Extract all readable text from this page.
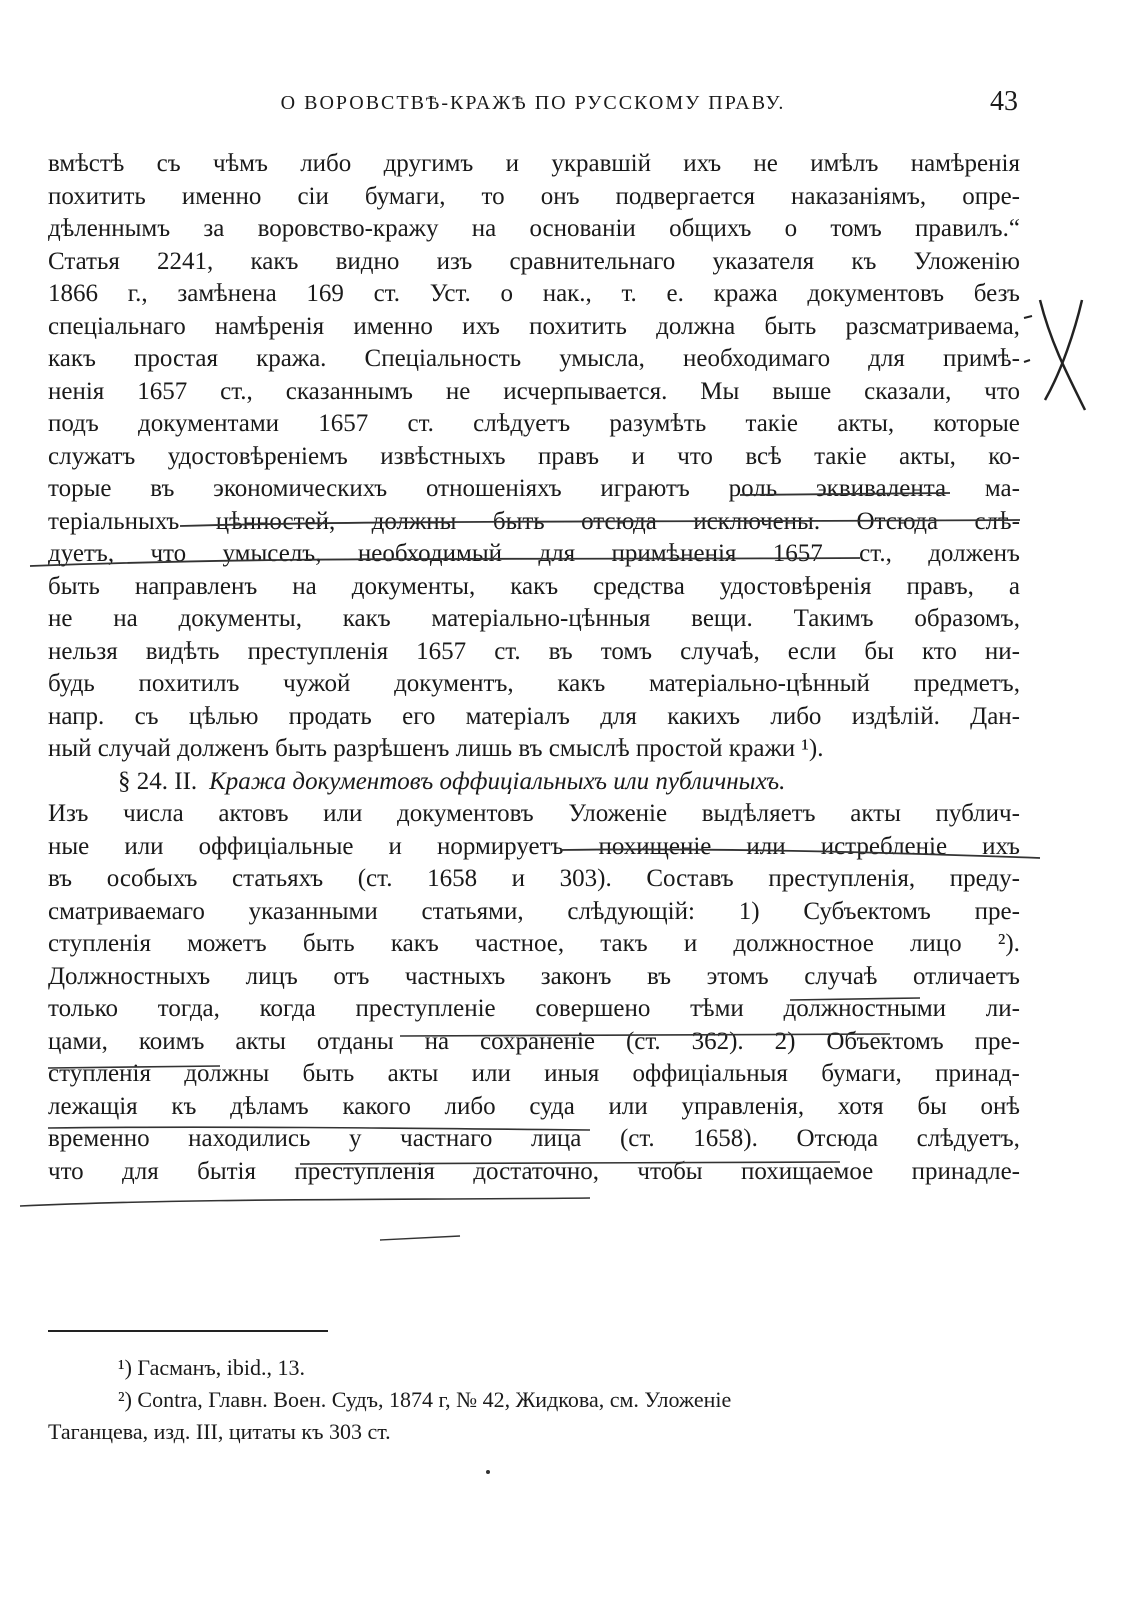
О ВОРОВСТВѢ-КРАЖѢ ПО РУССКОМУ ПРАВУ.	43
вмѣстѣ съ чѣмъ либо другимъ и укравшій ихъ не имѣлъ намѣренія
похитить именно сіи бумаги, то онъ подвергается наказаніямъ, опре-
дѣленнымъ за воровство-кражу на основаніи общихъ о томъ правилъ.“
Статья 2241, какъ видно изъ сравнительнаго указателя къ Уложенію
1866 г., замѣнена 169 ст. Уст. о нак., т. е. кража документовъ безъ
спеціальнаго намѣренія именно ихъ похитить должна быть разсматриваема,
какъ простая кража. Спеціальность умысла, необходимаго для примѣ-
ненія 1657 ст., сказаннымъ не исчерпывается. Мы выше сказали, что
подъ документами 1657 ст. слѣдуетъ разумѣть такіе акты, которые
служатъ удостовѣреніемъ извѣстныхъ правъ и что всѣ такіе акты, ко-
торые въ экономическихъ отношеніяхъ играютъ роль эквивалента ма-
теріальныхъ цѣнностей, должны быть отсюда исключены. Отсюда слѣ-
дуетъ, что умыселъ, необходимый для примѣненія 1657 ст., долженъ
быть направленъ на документы, какъ средства удостовѣренія правъ, а
не на документы, какъ матеріально-цѣнныя вещи. Такимъ образомъ,
нельзя видѣть преступленія 1657 ст. въ томъ случаѣ, если бы кто ни-
будь похитилъ чужой документъ, какъ матеріально-цѣнный предметъ,
напр. съ цѣлью продать его матеріалъ для какихъ либо издѣлій. Дан-
ный случай долженъ быть разрѣшенъ лишь въ смыслѣ простой кражи ¹).
§ 24. II. Кража документовъ оффиціальныхъ или публичныхъ.
Изъ числа актовъ или документовъ Уложеніе выдѣляетъ акты публич-
ные или оффиціальные и нормируетъ похищеніе или истребленіе ихъ
въ особыхъ статьяхъ (ст. 1658 и 303). Составъ преступленія, преду-
сматриваемаго указанными статьями, слѣдующій: 1) Субъектомъ пре-
ступленія можетъ быть какъ частное, такъ и должностное лицо ²).
Должностныхъ лицъ отъ частныхъ законъ въ этомъ случаѣ отличаетъ
только тогда, когда преступленіе совершено тѣми должностными ли-
цами, коимъ акты отданы на сохраненіе (ст. 362). 2) Объектомъ пре-
ступленія должны быть акты или иныя оффиціальныя бумаги, принад-
лежащія къ дѣламъ какого либо суда или управленія, хотя бы онѣ
временно находились у частнаго лица (ст. 1658). Отсюда слѣдуетъ,
что для бытія преступленія достаточно, чтобы похищаемое принадле-
¹) Гасманъ, ibid., 13.
²) Contra, Главн. Воен. Судъ, 1874 г, № 42, Жидкова, см. Уложеніе
Таганцева, изд. III, цитаты къ 303 ст.
